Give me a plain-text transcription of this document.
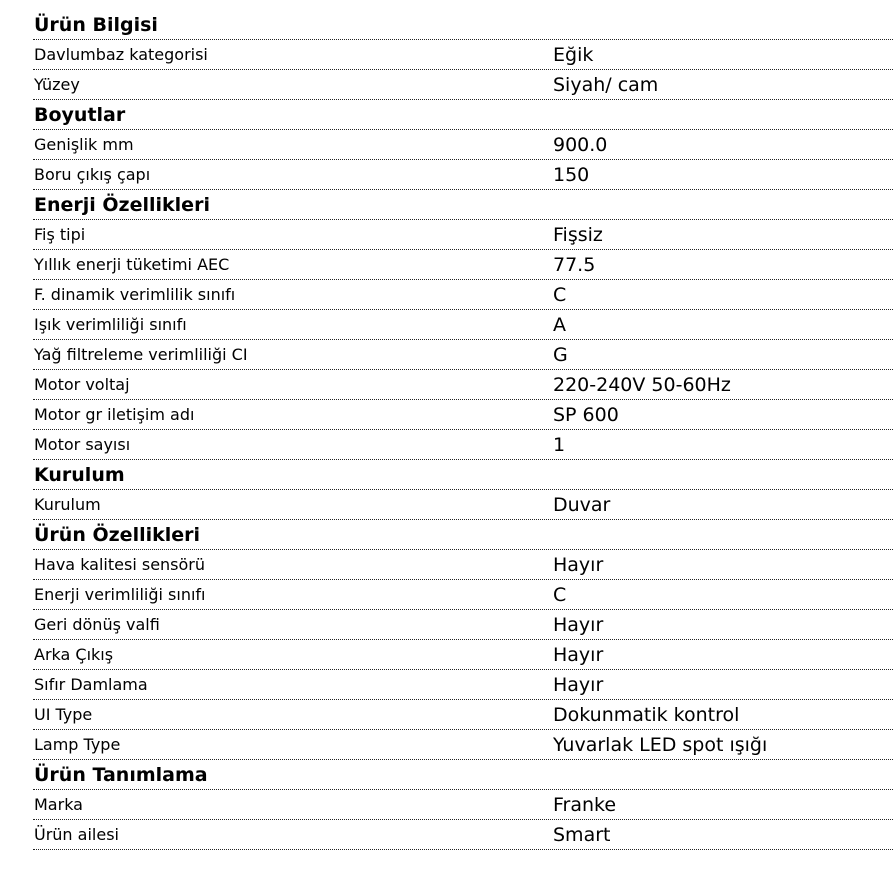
Ürün Bilgisi
Davlumbaz kategorisi	Eğik
Yüzey	Siyah/ cam
Boyutlar
Genişlik mm	900.0
Boru çıkış çapı	150
Enerji Özellikleri
Fiş tipi	Fişsiz
Yıllık enerji tüketimi AEC	77.5
F. dinamik verimlilik sınıfı	C
Işık verimliliği sınıfı	A
Yağ filtreleme verimliliği CI	G
Motor voltaj	220-240V 50-60Hz
Motor gr iletişim adı	SP 600
Motor sayısı	1
Kurulum
Kurulum	Duvar
Ürün Özellikleri
Hava kalitesi sensörü	Hayır
Enerji verimliliği sınıfı	C
Geri dönüş valfi	Hayır
Arka Çıkış	Hayır
Sıfır Damlama	Hayır
UI Type	Dokunmatik kontrol
Lamp Type	Yuvarlak LED spot ışığı
Ürün Tanımlama
Marka	Franke
Ürün ailesi	Smart
